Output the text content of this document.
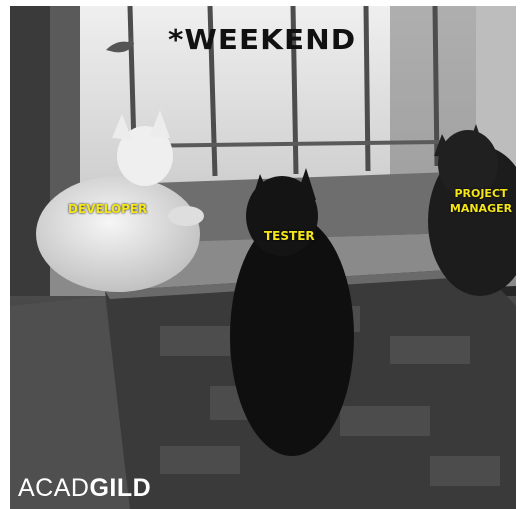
*WEEKEND
DEVELOPER
TESTER
PROJECT
MANAGER
ACADGILD
